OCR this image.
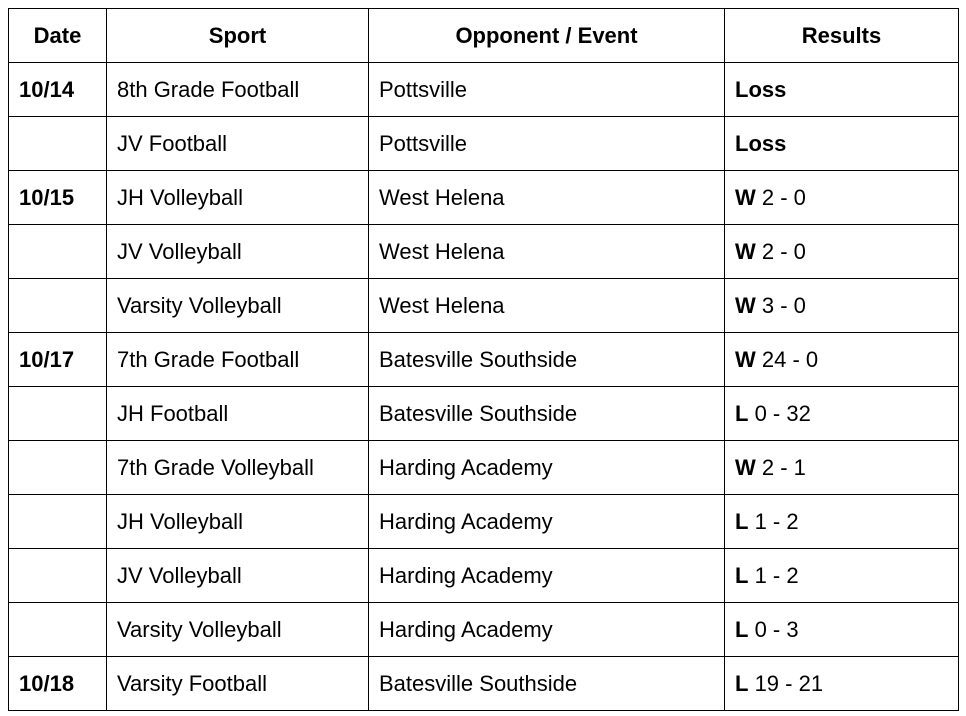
Date	Sport	Opponent / Event	Results
10/14	8th Grade Football	Pottsville	Loss
	JV Football	Pottsville	Loss
10/15	JH Volleyball	West Helena	W 2 - 0
	JV Volleyball	West Helena	W 2 - 0
	Varsity Volleyball	West Helena	W 3 - 0
10/17	7th Grade Football	Batesville Southside	W 24 - 0
	JH Football	Batesville Southside	L 0 - 32
	7th Grade Volleyball	Harding Academy	W 2 - 1
	JH Volleyball	Harding Academy	L 1 - 2
	JV Volleyball	Harding Academy	L 1 - 2
	Varsity Volleyball	Harding Academy	L 0 - 3
10/18	Varsity Football	Batesville Southside	L 19 - 21
